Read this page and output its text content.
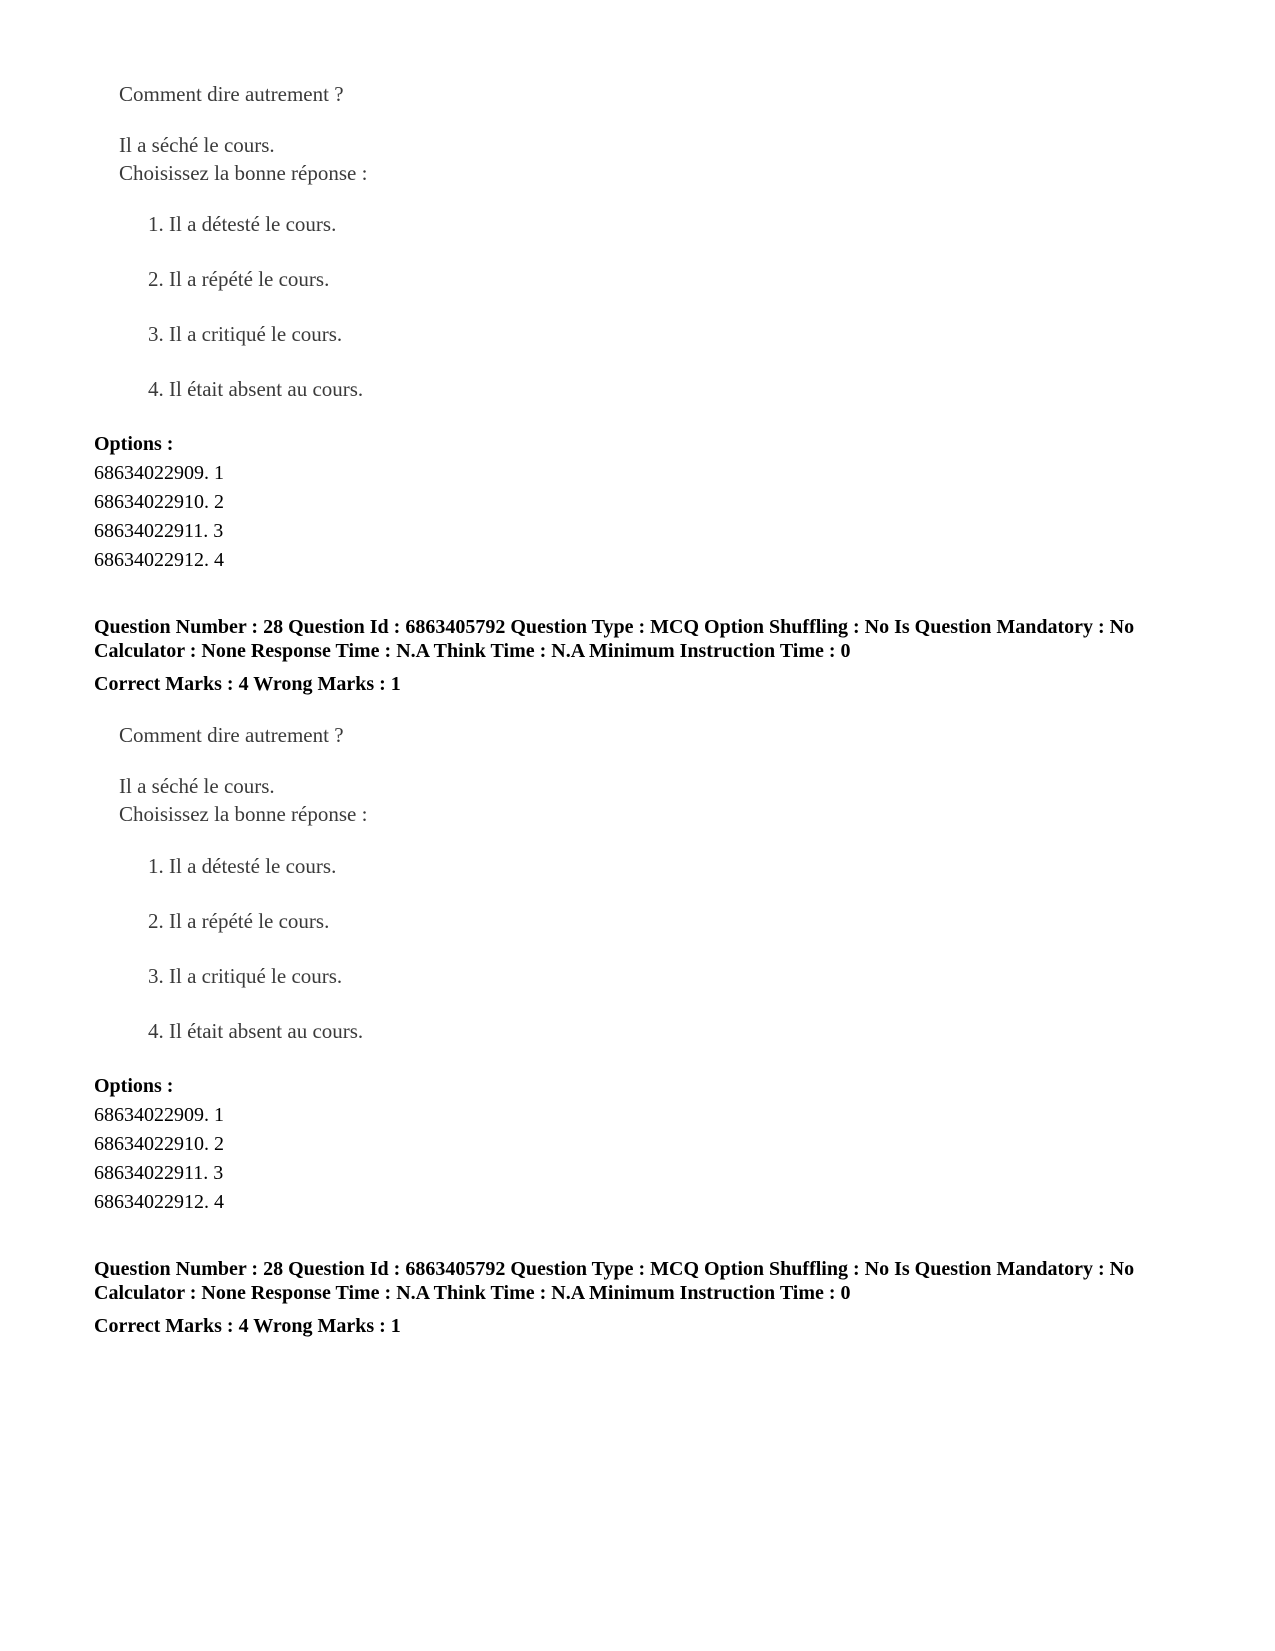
Comment dire autrement ?
Il a séché le cours.
Choisissez la bonne réponse :
1. Il a détesté le cours.
2. Il a répété le cours.
3. Il a critiqué le cours.
4. Il était absent au cours.
Options :
68634022909. 1
68634022910. 2
68634022911. 3
68634022912. 4
Question Number : 28 Question Id : 6863405792 Question Type : MCQ Option Shuffling : No Is Question Mandatory : No Calculator : None Response Time : N.A Think Time : N.A Minimum Instruction Time : 0
Correct Marks : 4 Wrong Marks : 1
Comment dire autrement ?
Il a séché le cours.
Choisissez la bonne réponse :
1. Il a détesté le cours.
2. Il a répété le cours.
3. Il a critiqué le cours.
4. Il était absent au cours.
Options :
68634022909. 1
68634022910. 2
68634022911. 3
68634022912. 4
Question Number : 28 Question Id : 6863405792 Question Type : MCQ Option Shuffling : No Is Question Mandatory : No Calculator : None Response Time : N.A Think Time : N.A Minimum Instruction Time : 0
Correct Marks : 4 Wrong Marks : 1
